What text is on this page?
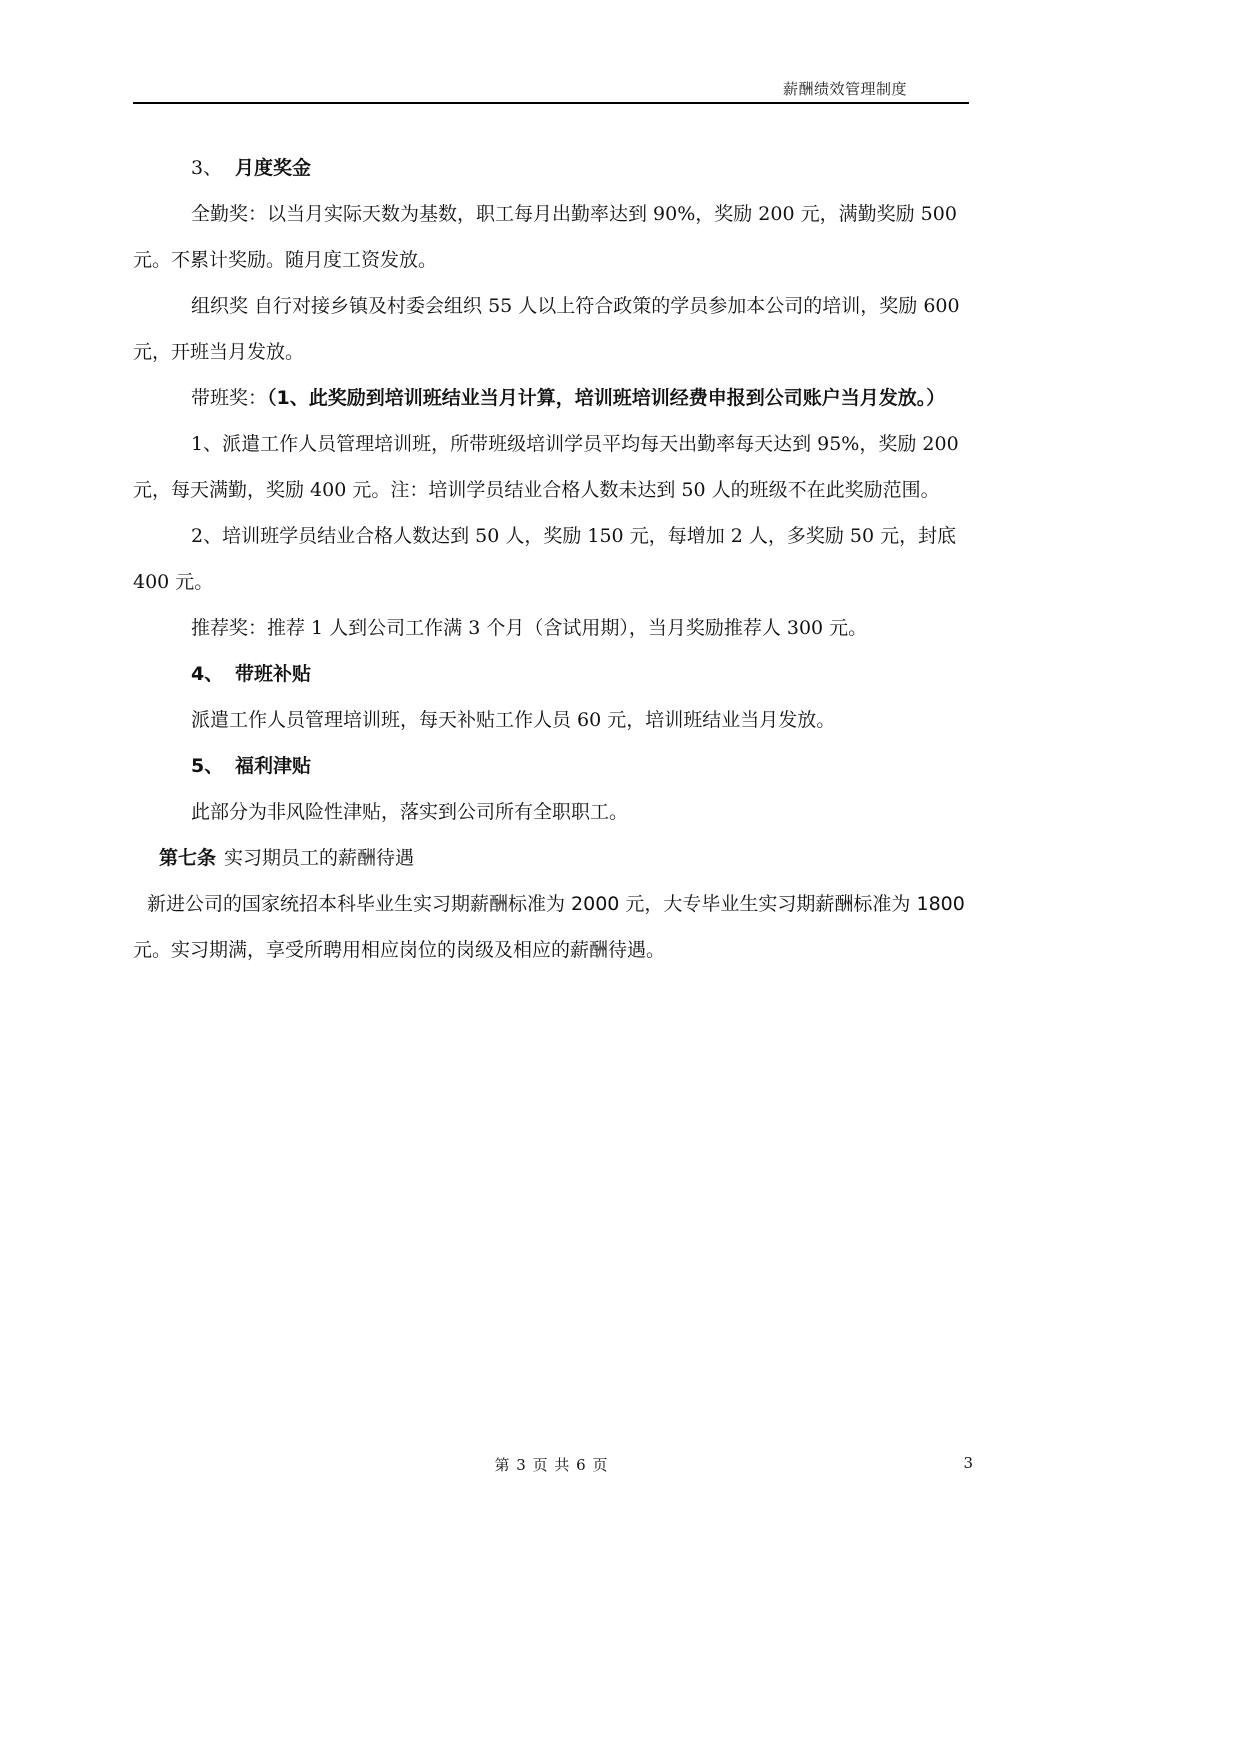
薪酬绩效管理制度

3、 月度奖金

全勤奖：以当月实际天数为基数，职工每月出勤率达到 90%，奖励 200 元，满勤奖励 500 元。不累计奖励。随月度工资发放。

组织奖 自行对接乡镇及村委会组织 55 人以上符合政策的学员参加本公司的培训，奖励 600 元，开班当月发放。

带班奖：（1、此奖励到培训班结业当月计算，培训班培训经费申报到公司账户当月发放。）

1、派遣工作人员管理培训班，所带班级培训学员平均每天出勤率每天达到 95%，奖励 200 元，每天满勤，奖励 400 元。注：培训学员结业合格人数未达到 50 人的班级不在此奖励范围。

2、培训班学员结业合格人数达到 50 人，奖励 150 元，每增加 2 人，多奖励 50 元，封底 400 元。

推荐奖：推荐 1 人到公司工作满 3 个月（含试用期），当月奖励推荐人 300 元。

4、 带班补贴

派遣工作人员管理培训班，每天补贴工作人员 60 元，培训班结业当月发放。

5、 福利津贴

此部分为非风险性津贴，落实到公司所有全职职工。

第七条 实习期员工的薪酬待遇

新进公司的国家统招本科毕业生实习期薪酬标准为 2000 元，大专毕业生实习期薪酬标准为 1800 元。实习期满，享受所聘用相应岗位的岗级及相应的薪酬待遇。

第 3 页 共 6 页	3
